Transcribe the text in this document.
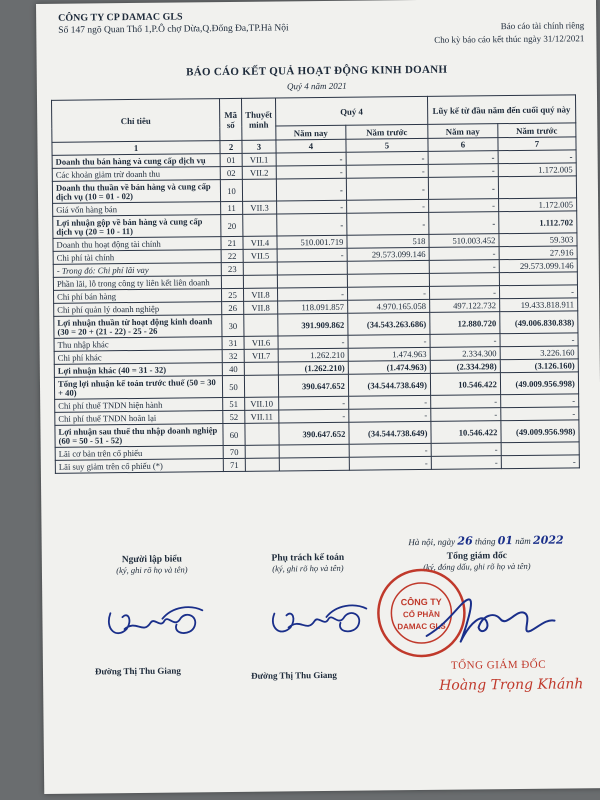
CÔNG TY CP DAMAC GLS
Số 147 ngõ Quan Thổ 1,P.Ô chợ Dừa,Q.Đống Đa,TP.Hà Nội	Báo cáo tài chính riêng
Cho kỳ báo cáo kết thúc ngày 31/12/2021
BÁO CÁO KẾT QUẢ HOẠT ĐỘNG KINH DOANH
Quý 4 năm 2021
Chỉ tiêu	Mã số	Thuyết minh	Quý 4		Lũy kế từ đầu năm đến cuối quý này	
			Năm nay	Năm trước	Năm nay	Năm trước
1	2	3	4	5	6	7
Doanh thu bán hàng và cung cấp dịch vụ	01	VII.1	-	-	-	-
Các khoản giảm trừ doanh thu	02	VII.2	-	-	-	1.172.005
Doanh thu thuần về bán hàng và cung cấp dịch vụ (10 = 01 - 02)	10		-	-	-	
Giá vốn hàng bán	11	VII.3	-	-	-	1.172.005
Lợi nhuận gộp về bán hàng và cung cấp dịch vụ (20 = 10 - 11)	20		-	-	-	1.112.702
Doanh thu hoạt động tài chính	21	VII.4	510.001.719	518	510.003.452	59.303
Chi phí tài chính	22	VII.5	-	29.573.099.146	-	27.916
- Trong đó: Chi phí lãi vay	23				-	29.573.099.146
Phần lãi, lỗ trong công ty liên kết liên doanh						
Chi phí bán hàng	25	VII.8	-	-	-	-
Chi phí quản lý doanh nghiệp	26	VII.8	118.091.857	4.970.165.058	497.122.732	19.433.818.911
Lợi nhuận thuần từ hoạt động kinh doanh (30 = 20 + (21 - 22) - 25 - 26	30		391.909.862	(34.543.263.686)	12.880.720	(49.006.830.838)
Thu nhập khác	31	VII.6	-	-	-	-
Chi phí khác	32	VII.7	1.262.210	1.474.963	2.334.300	3.226.160
Lợi nhuận khác (40 = 31 - 32)	40		(1.262.210)	(1.474.963)	(2.334.298)	(3.126.160)
Tổng lợi nhuận kế toán trước thuế (50 = 30 + 40)	50		390.647.652	(34.544.738.649)	10.546.422	(49.009.956.998)
Chi phí thuế TNDN hiện hành	51	VII.10	-	-	-	-
Chi phí thuế TNDN hoãn lại	52	VII.11	-	-	-	-
Lợi nhuận sau thuế thu nhập doanh nghiệp (60 = 50 - 51 - 52)	60		390.647.652	(34.544.738.649)	10.546.422	(49.009.956.998)
Lãi cơ bản trên cổ phiếu	70			-	-	
Lãi suy giảm trên cổ phiếu (*)	71			-	-	-
Hà nội, ngày 26 tháng 01 năm 2022
Người lập biểu
(ký, ghi rõ họ và tên)
Phụ trách kế toán
(ký, ghi rõ họ và tên)
Tổng giám đốc
(ký, đóng dấu, ghi rõ họ và tên)
Đường Thị Thu Giang	Đường Thị Thu Giang
CÔNG TY
CỔ PHẦN
DAMAC GLS
TỔNG GIÁM ĐỐC
Hoàng Trọng Khánh
